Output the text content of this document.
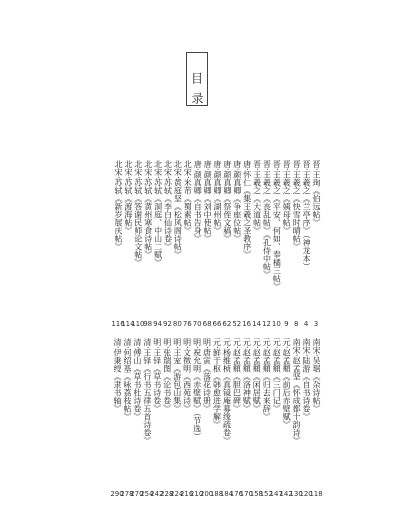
目
录
晋·王珣《伯远帖》
3
晋·王羲之《兰亭序》（神龙本）
4
晋·王羲之《快雪时晴帖》
8
晋·王羲之《姨母帖》
9
晋·王羲之《平安、何如、奉橘三帖》
10
晋·王羲之《丧乱帖》《孔侍中帖》
12
晋·王羲之《大道帖》
14
唐·怀仁《集王羲之圣教序》
16
唐·颜真卿《争座位帖》
52
唐·颜真卿《祭侄文稿》
62
唐·颜真卿《湖州帖》
66
唐·颜真卿《刘中使帖》
68
唐·颜真卿《自书告身》
70
北宋·米芾《蜀素帖》
76
北宋·黄庭坚《松风阁诗帖》
80
北宋·苏轼《李白仙诗卷》
92
北宋·苏轼《洞庭、中山二赋》
94
北宋·苏轼《黄州寒食诗帖》
98
北宋·苏轼《答谢民师论文帖》
110
北宋·苏轼《渡海帖》
114
北宋·苏轼《新岁展庆帖》
116
南宋·吴琚《杂诗帖》
118
南宋·陆游《自书诗卷》
120
南宋·赵孟坚《怀成都十韵诗》
130
元·赵孟頫《前后赤壁赋》
142
元·赵孟頫《三门记》
147
元·赵孟頫《归去来辞》
152
元·赵孟頫《闲居赋》
158
元·赵孟頫《洛神赋》
170
元·赵孟頫《胆巴碑》
176
元·杨维桢《真镜庵募缘疏卷》
184
元·鲜于枢《韩愈进学解》
188
明·唐寅《落花诗册》
200
明·祝允明《赤壁赋》（节选）
210
明·文徵明《西苑诗》
216
明·王宠《游包山集》
224
明·张瑞图《论书卷》
228
明·王铎《草书诗卷》
242
清·王铎《行书五律五首诗卷》
254
清·傅山《草书杜诗卷》
270
清·何绍基《咏荔枝帖》
278
清·伊秉绶《隶书轴》
290
